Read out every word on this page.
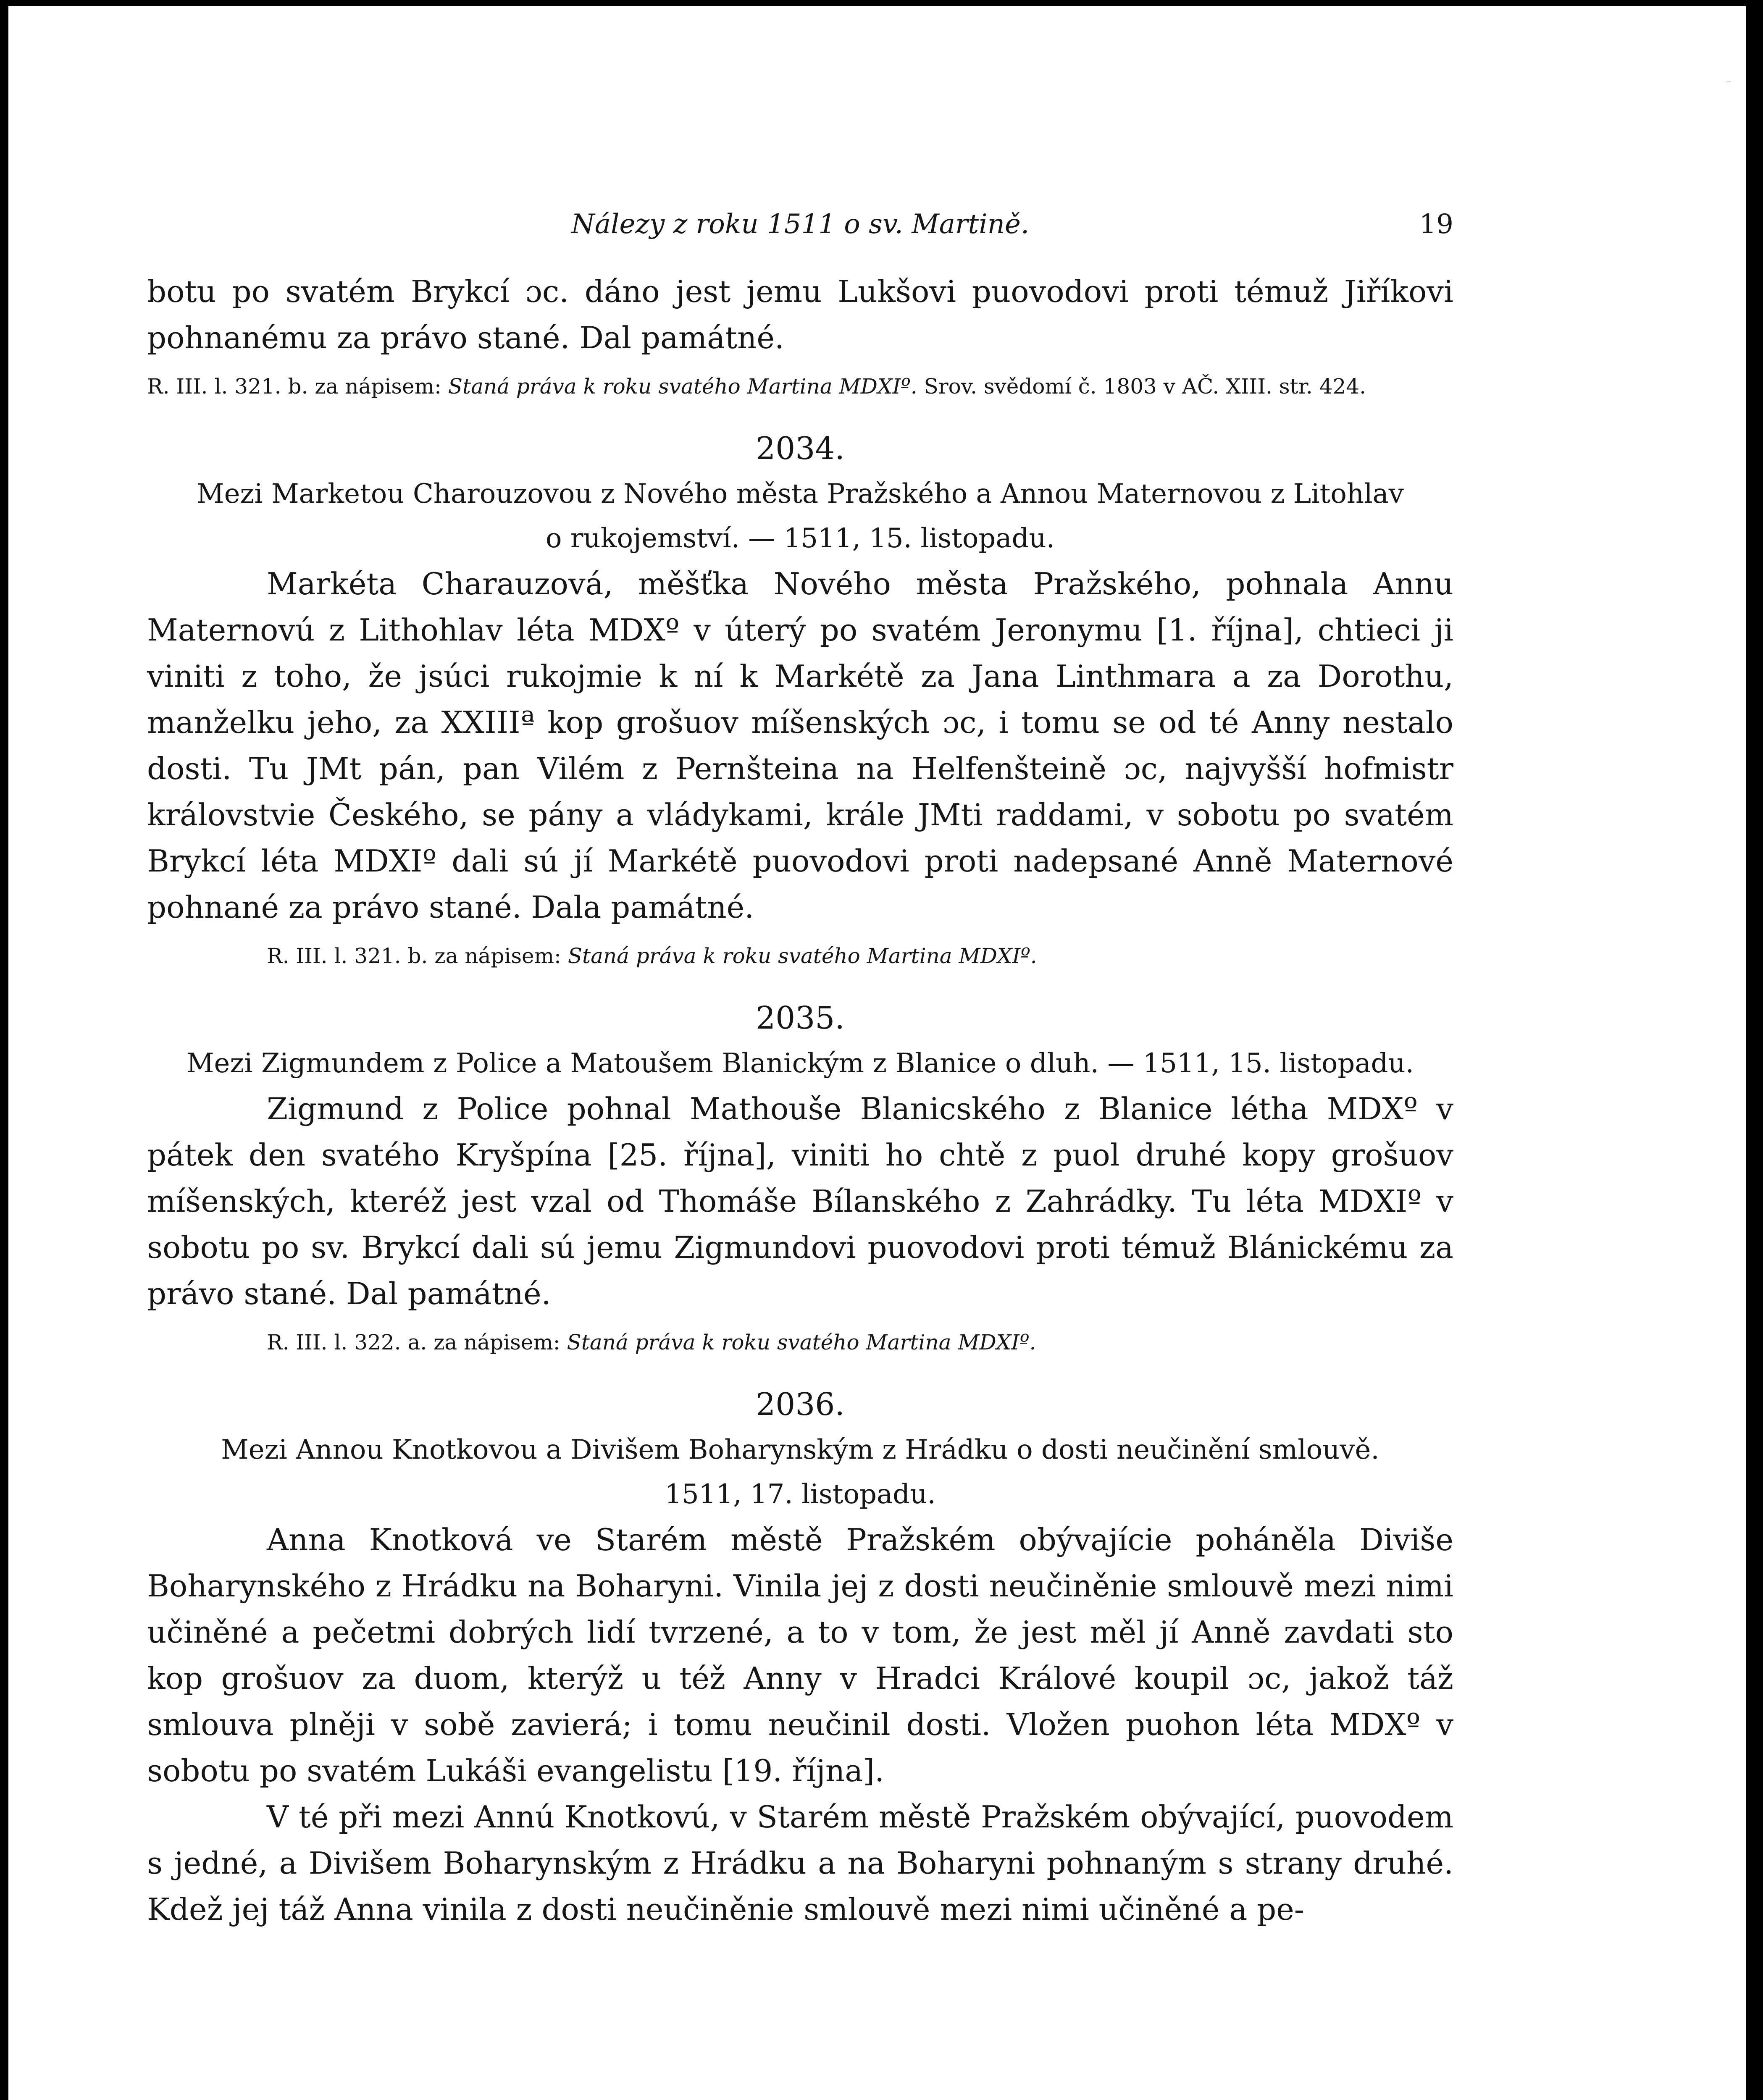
Nálezy z roku 1511 o sv. Martině.	19

botu po svatém Brykcí ɔc. dáno jest jemu Lukšovi puovodovi proti témuž Jiříkovi pohnanému za právo stané. Dal památné.

R. III. l. 321. b. za nápisem: Staná práva k roku svatého Martina MDXIº. Srov. svědomí č. 1803 v AČ. XIII. str. 424.

2034.
Mezi Marketou Charouzovou z Nového města Pražského a Annou Maternovou z Litohlav
o rukojemství. — 1511, 15. listopadu.

Markéta Charauzová, měšťka Nového města Pražského, pohnala Annu Maternovú z Lithohlav léta MDXº v úterý po svatém Jeronymu [1. října], chtieci ji viniti z toho, že jsúci rukojmie k ní k Markétě za Jana Linthmara a za Dorothu, manželku jeho, za XXIIIª kop grošuov míšenských ɔc, i tomu se od té Anny nestalo dosti. Tu JMt pán, pan Vilém z Pernšteina na Helfenšteině ɔc, najvyšší hofmistr královstvie Českého, se pány a vládykami, krále JMti raddami, v sobotu po svatém Brykcí léta MDXIº dali sú jí Markétě puovodovi proti nadepsané Anně Maternové pohnané za právo stané. Dala památné.

R. III. l. 321. b. za nápisem: Staná práva k roku svatého Martina MDXIº.

2035.
Mezi Zigmundem z Police a Matoušem Blanickým z Blanice o dluh. — 1511, 15. listopadu.

Zigmund z Police pohnal Mathouše Blanicského z Blanice létha MDXº v pátek den svatého Kryšpína [25. října], viniti ho chtě z puol druhé kopy grošuov míšenských, kteréž jest vzal od Thomáše Bílanského z Zahrádky. Tu léta MDXIº v sobotu po sv. Brykcí dali sú jemu Zigmundovi puovodovi proti témuž Blánickému za právo stané. Dal památné.

R. III. l. 322. a. za nápisem: Staná práva k roku svatého Martina MDXIº.

2036.
Mezi Annou Knotkovou a Divišem Boharynským z Hrádku o dosti neučinění smlouvě.
1511, 17. listopadu.

Anna Knotková ve Starém městě Pražském obývajície poháněla Diviše Boharynského z Hrádku na Boharyni. Vinila jej z dosti neučiněnie smlouvě mezi nimi učiněné a pečetmi dobrých lidí tvrzené, a to v tom, že jest měl jí Anně zavdati sto kop grošuov za duom, kterýž u též Anny v Hradci Králové koupil ɔc, jakož táž smlouva plněji v sobě zavierá; i tomu neučinil dosti. Vložen puohon léta MDXº v sobotu po svatém Lukáši evangelistu [19. října].

V té při mezi Annú Knotkovú, v Starém městě Pražském obývající, puovodem s jedné, a Divišem Boharynským z Hrádku a na Boharyni pohnaným s strany druhé. Kdež jej táž Anna vinila z dosti neučiněnie smlouvě mezi nimi učiněné a pe-
